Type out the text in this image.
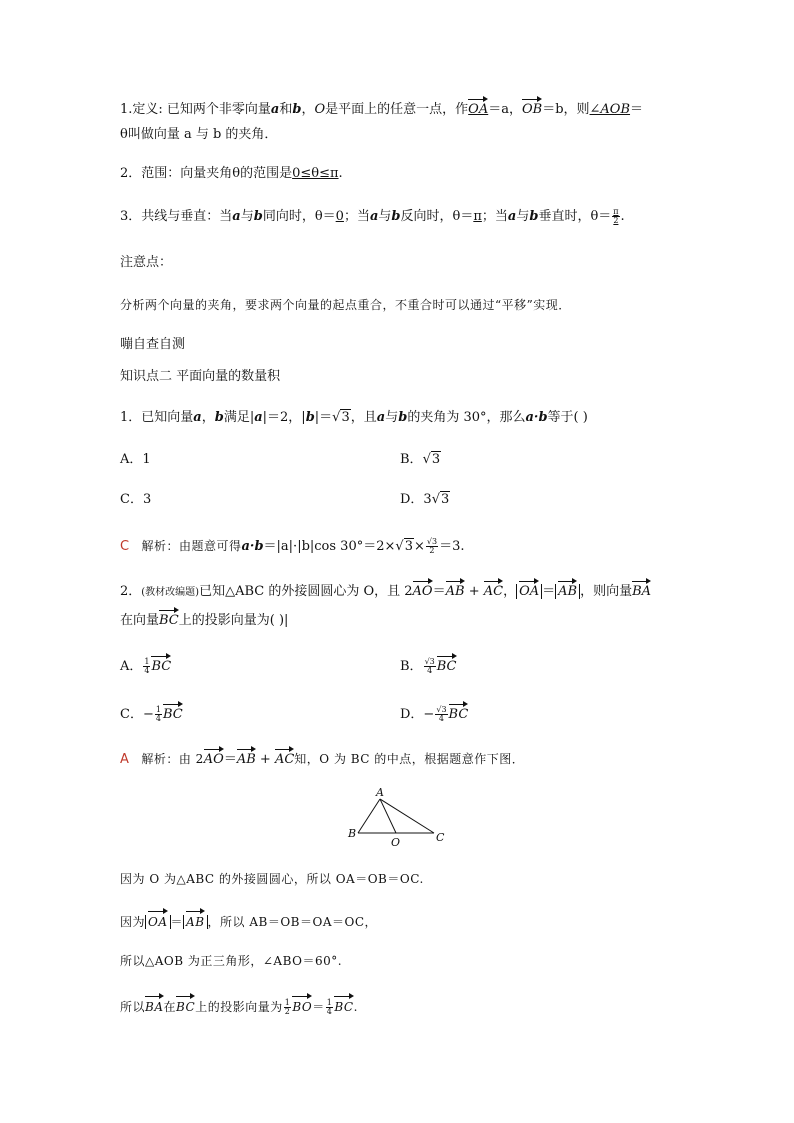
1.定义: 已知两个非零向量a和b，O是平面上的任意一点，作OA＝a，OB＝b，则∠AOB＝
θ叫做向量 a 与 b 的夹角．
2．范围：向量夹角θ的范围是0≤θ≤π.
3．共线与垂直：当a与b同向时，θ＝0；当a与b反向时，θ＝π；当a与b垂直时，$\theta= \frac{\pi}{2}$ .
注意点：
分析两个向量的夹角，要求两个向量的起点重合，不重合时可以通过“平移”实现．
嘣自查自测
知识点二 平面向量的数量积
1．已知向量a，b满足|a|＝2，|b|＝√3，且a与b的夹角为 30°，那么a·b等于( )
A．1	B．√3
C．3	D．3√3
C 解析：由题意可得a·b＝|a|·|b|cos $30^\circ=2\times√3\times \frac{√3}{2} =3$.
2．(教材改编题)已知△ABC 的外接圆圆心为 O，且 2AO＝AB + AC， OA ＝ AB ，则向量BA
在向量BC上的投影向量为( )|
A． $\frac{1}{4}$ BC	B． $\frac{√3}{4}$ BC
C．− $\frac{1}{4}$ BC	D．− $\frac{√3}{4}$ BC
A 解析：由 2AO＝AB + AC知，O 为 BC 的中点，根据题意作下图．
A
B	C
O
因为 O 为△ABC 的外接圆圆心，所以 OA＝OB＝OC.
因为 OA ＝ AB ，所以 AB＝OB＝OA＝OC，
所以△AOB 为正三角形，∠ABO＝60°.
所以BA在BC上的投影向量为 $\frac{1}{2} BO= \frac{1}{4}$ BC.
